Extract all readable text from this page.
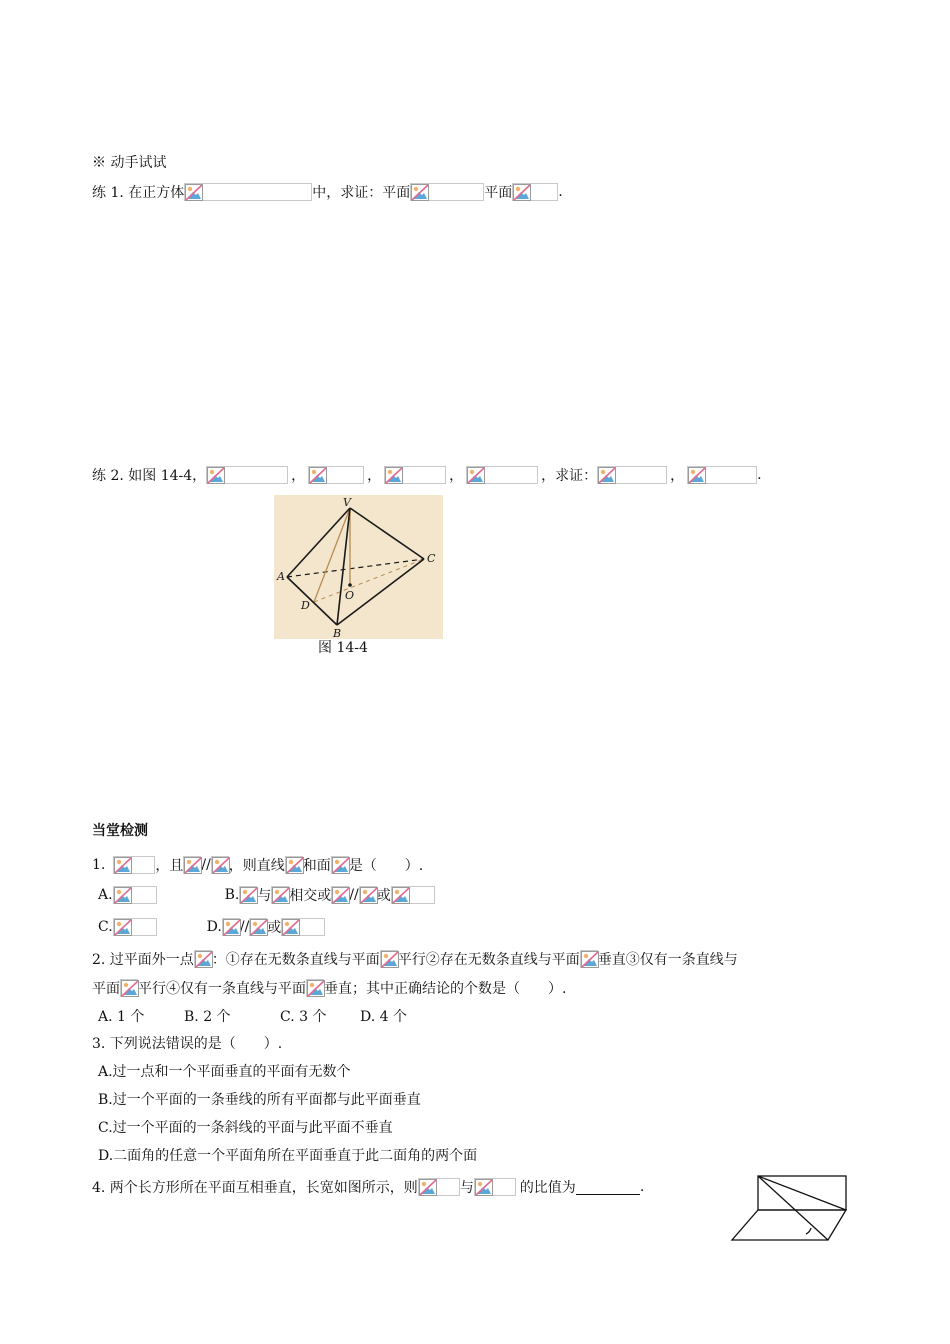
※ 动手试试
练 1. 在正方体	中，求证：平面	平面	.
练 2. 如图 14-4，	，	，	，	，求证：	，	.
V
A
C
D
O
B
图 14-4
当堂检测
1.	，且 // ，则直线 和面 是（　　）.
A.	B. 与 相交或 // 或
C.	D. // 或
2. 过平面外一点 ：①存在无数条直线与平面 平行②存在无数条直线与平面 垂直③仅有一条直线与
平面 平行④仅有一条直线与平面 垂直；其中正确结论的个数是（　　）.
A. 1 个	B. 2 个	C. 3 个	D. 4 个
3. 下列说法错误的是（　　）.
A.过一点和一个平面垂直的平面有无数个
B.过一个平面的一条垂线的所有平面都与此平面垂直
C.过一个平面的一条斜线的平面与此平面不垂直
D.二面角的任意一个平面角所在平面垂直于此二面角的两个面
4. 两个长方形所在平面互相垂直，长宽如图所示，则	与	的比值为	.
